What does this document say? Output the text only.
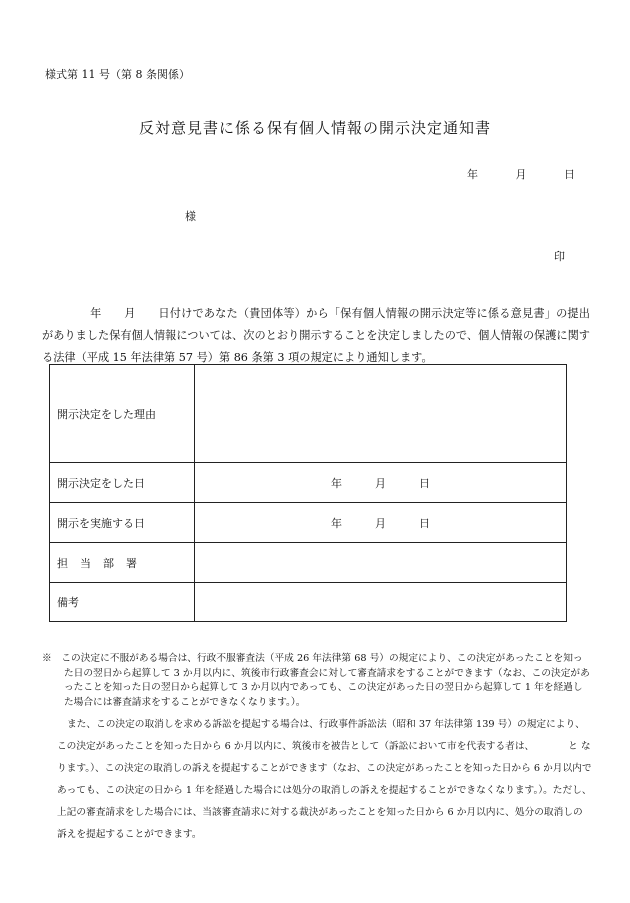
様式第 11 号（第 8 条関係）
反対意見書に係る保有個人情報の開示決定通知書
年	月	日
様
印
年　　月　　日付けであなた（貴団体等）から「保有個人情報の開示決定等に係る意見書」の提出がありました保有個人情報については、次のとおり開示することを決定しましたので、個人情報の保護に関する法律（平成 15 年法律第 57 号）第 86 条第 3 項の規定により通知します。
開示決定をした理由	
開示決定をした日	年　　　月　　　日
開示を実施する日	年　　　月　　　日
担当部署	
備考	

※　 この決定に不服がある場合は、行政不服審査法（平成 26 年法律第 68 号）の規定により、この決定があったことを知った日の翌日から起算して 3 か月以内に、筑後市行政審査会に対して審査請求をすることができます（なお、この決定があったことを知った日の翌日から起算して 3 か月以内であっても、この決定があった日の翌日から起算して 1 年を経過した場合には審査請求をすることができなくなります。）。

また、この決定の取消しを求める訴訟を提起する場合は、行政事件訴訟法（昭和 37 年法律第 139 号）の規定により、この決定があったことを知った日から 6 か月以内に、筑後市を被告として（訴訟において市を代表する者は、　　　　と なります。）、この決定の取消しの訴えを提起することができます（なお、この決定があったことを知った日から 6 か月以内であっても、この決定の日から 1 年を経過した場合には処分の取消しの訴えを提起することができなくなります。）。ただし、上記の審査請求をした場合には、当該審査請求に対する裁決があったことを知った日から 6 か月以内に、処分の取消しの訴えを提起することができます。
